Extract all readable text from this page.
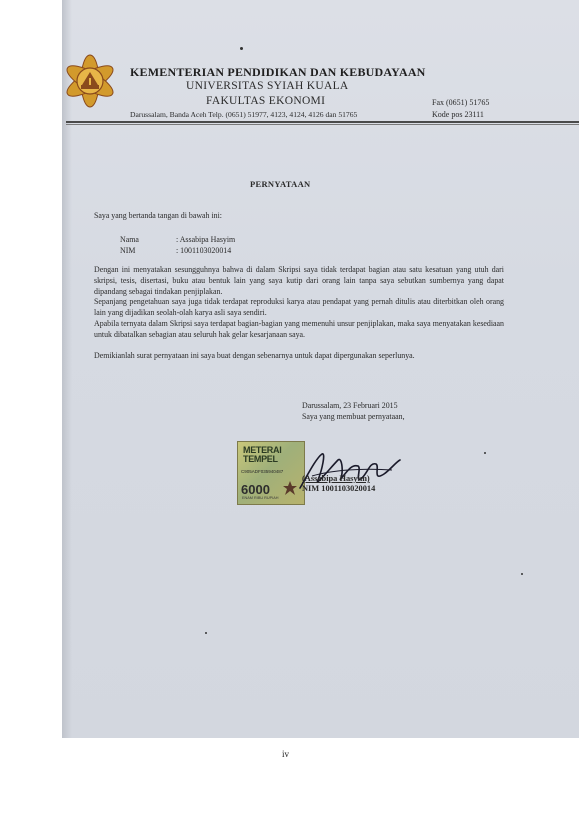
KEMENTERIAN PENDIDIKAN DAN KEBUDAYAAN
UNIVERSITAS SYIAH KUALA
FAKULTAS EKONOMI
Darussalam, Banda Aceh Telp. (0651) 51977, 4123, 4124, 4126 dan 51765
Fax (0651) 51765
Kode pos 23111
PERNYATAAN
Saya yang bertanda tangan di bawah ini:
Nama	: Assabipa Hasyim
NIM	: 1001103020014

Dengan ini menyatakan sesungguhnya bahwa di dalam Skripsi saya tidak terdapat bagian atau satu kesatuan yang utuh dari skripsi, tesis, disertasi, buku atau bentuk lain yang saya kutip dari orang lain tanpa saya sebutkan sumbernya yang dapat dipandang sebagai tindakan penjiplakan.

Sepanjang pengetahuan saya juga tidak terdapat reproduksi karya atau pendapat yang pernah ditulis atau diterbitkan oleh orang lain yang dijadikan seolah-olah karya asli saya sendiri.

Apabila ternyata dalam Skripsi saya terdapat bagian-bagian yang memenuhi unsur penjiplakan, maka saya menyatakan kesediaan untuk dibatalkan sebagian atau seluruh hak gelar kesarjanaan saya.

Demikianlah surat pernyataan ini saya buat dengan sebenarnya untuk dapat dipergunakan seperlunya.

Darussalam, 23 Februari 2015
Saya yang membuat pernyataan,
METERAI
TEMPEL
C905ADF035940487
6000
ENAM RIBU RUPIAH
(Assabipa Hasyim)
NIM 1001103020014
iv
